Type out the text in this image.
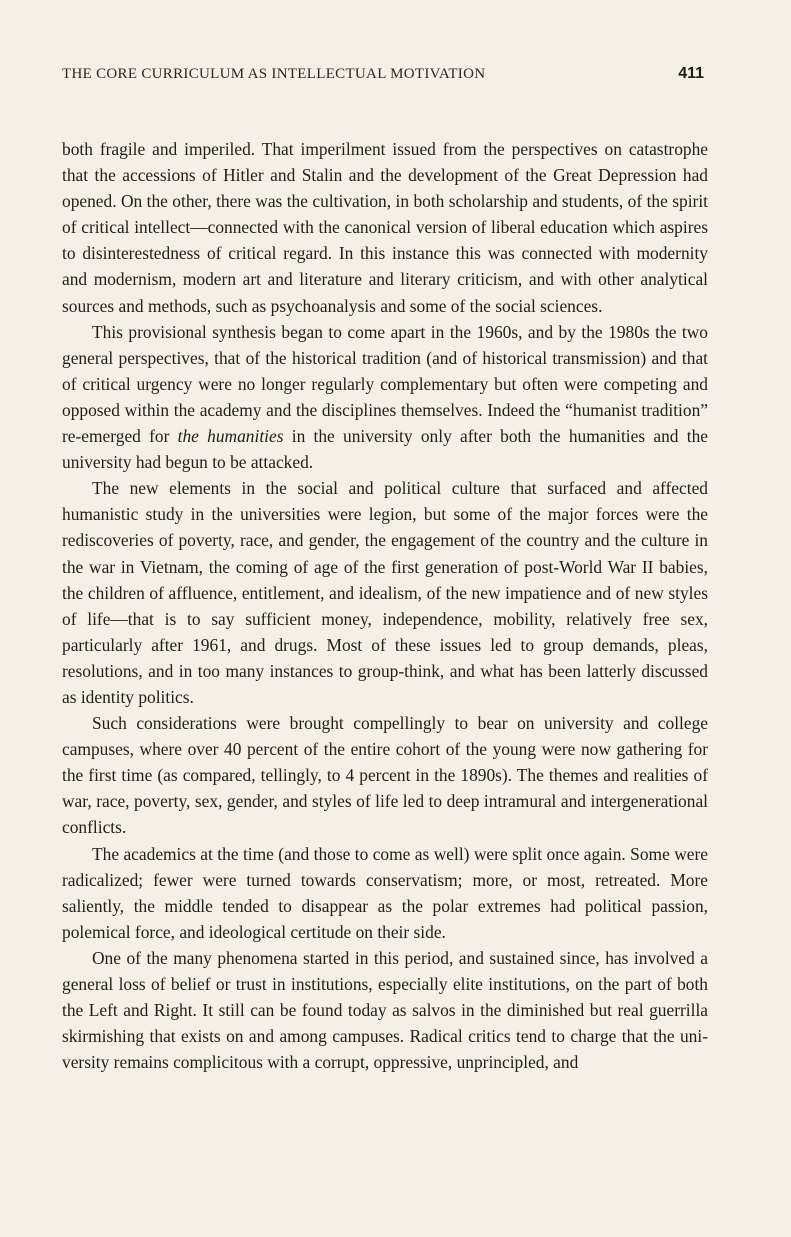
THE CORE CURRICULUM AS INTELLECTUAL MOTIVATION	411

both fragile and imperiled. That imperilment issued from the perspectives on catastrophe that the accessions of Hitler and Stalin and the development of the Great Depression had opened. On the other, there was the cultivation, in both scholarship and students, of the spirit of critical intellect—connected with the canonical version of liberal education which aspires to disinterestedness of critical regard. In this instance this was connected with modernity and modernism, modern art and literature and literary criticism, and with other analytical sources and methods, such as psychoanalysis and some of the social sciences.

This provisional synthesis began to come apart in the 1960s, and by the 1980s the two general perspectives, that of the historical tradition (and of historical transmission) and that of critical urgency were no longer regularly complementary but often were competing and opposed within the academy and the disciplines themselves. Indeed the “humanist tradition” re-emerged for the humanities in the university only after both the humanities and the university had begun to be attacked.

The new elements in the social and political culture that surfaced and affected humanistic study in the universities were legion, but some of the major forces were the rediscoveries of poverty, race, and gender, the engagement of the country and the culture in the war in Vietnam, the coming of age of the first generation of post-World War II babies, the children of affluence, entitlement, and idealism, of the new impatience and of new styles of life—that is to say sufficient money, independence, mobility, relatively free sex, particularly after 1961, and drugs. Most of these issues led to group demands, pleas, resolutions, and in too many instances to group-think, and what has been latterly discussed as identity politics.

Such considerations were brought compellingly to bear on university and college campuses, where over 40 percent of the entire cohort of the young were now gathering for the first time (as compared, tellingly, to 4 percent in the 1890s). The themes and realities of war, race, poverty, sex, gender, and styles of life led to deep intramural and intergenerational conflicts.

The academics at the time (and those to come as well) were split once again. Some were radicalized; fewer were turned towards conservatism; more, or most, retreated. More saliently, the middle tended to disappear as the polar extremes had political passion, polemical force, and ideological certitude on their side.

One of the many phenomena started in this period, and sustained since, has involved a general loss of belief or trust in institutions, especially elite institutions, on the part of both the Left and Right. It still can be found today as salvos in the diminished but real guerrilla skirmishing that exists on and among campuses. Radical critics tend to charge that the university remains complicitous with a corrupt, oppressive, unprincipled, and
